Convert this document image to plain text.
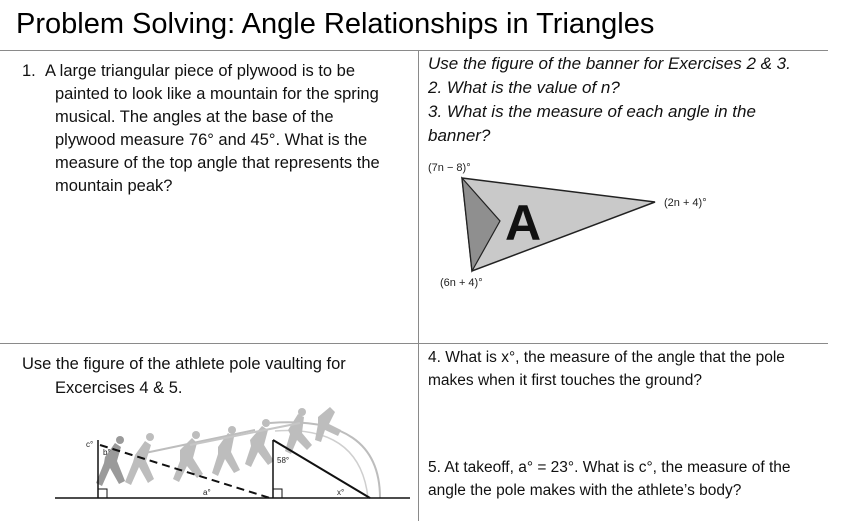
Problem Solving: Angle Relationships in Triangles
1. A large triangular piece of plywood is to be
painted to look like a mountain for the spring
musical. The angles at the base of the
plywood measure 76° and 45°. What is the
measure of the top angle that represents the
mountain peak?
Use the figure of the banner for Exercises 2 & 3.
2. What is the value of n?
3. What is the measure of each angle in the
banner?
A
(7n − 8)°
(2n + 4)°
(6n + 4)°
Use the figure of the athlete pole vaulting for
Excercises 4 & 5.
c°
b°
a°
58°
x°
4. What is x°, the measure of the angle that the pole
makes when it first touches the ground?
5. At takeoff, a° = 23°. What is c°, the measure of the
angle the pole makes with the athlete’s body?
